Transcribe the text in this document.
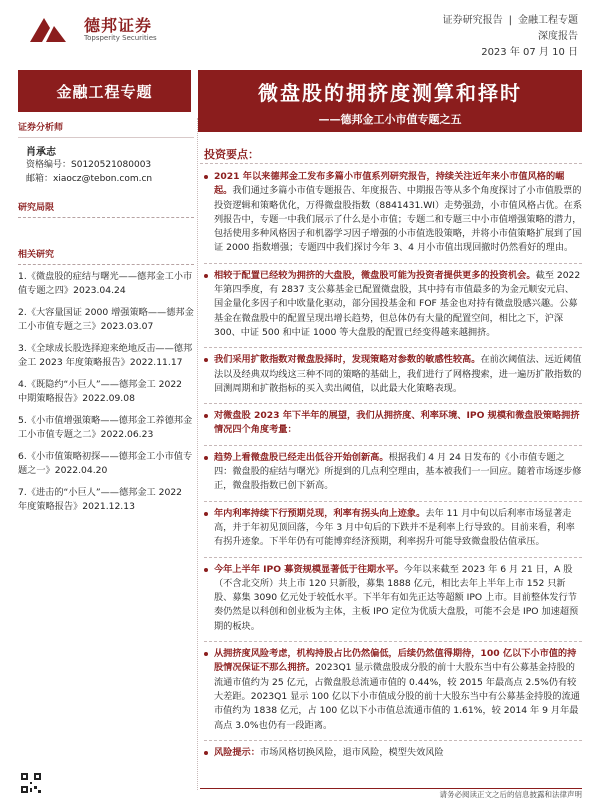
德邦证券
Topsperity Securities
证券研究报告 | 金融工程专题
深度报告
2023 年 07 月 10 日
金融工程专题	微盘股的拥挤度测算和择时
——德邦金工小市值专题之五
证券分析师
肖承志
资格编号：S0120521080003
邮箱：xiaocz@tebon.com.cn
研究局限
相关研究
1.《微盘股的症结与曙光——德邦金工小市值专题之四》2023.04.24
2.《大容量国证 2000 增强策略——德邦金工小市值专题之三》2023.03.07
3.《全球成长股选择迎来绝地反击——德邦金工 2023 年度策略报告》2022.11.17
4.《既隐约“小巨人”——德邦金工 2022 中期策略报告》2022.09.08
5.《小市值增强策略——德邦金工养德邦金工小市值专题之二》2022.06.23
6.《小市值策略初探——德邦金工小市值专题之一》2022.04.20
7.《进击的“小巨人”——德邦金工 2022 年度策略报告》2021.12.13
投资要点：
2021 年以来德邦金工发布多篇小市值系列研究报告，持续关注近年来小市值风格的崛起。我们通过多篇小市值专题报告、年度报告、中期报告等从多个角度探讨了小市值股票的投资逻辑和策略优化，万得微盘股指数（8841431.WI）走势强劲，小市值风格占优。在系列报告中，专题一中我们展示了什么是小市值；专题二和专题三中小市值增强策略的潜力，包括使用多种风格因子和机器学习因子增强的小市值选股策略，并将小市值策略扩展到了国证 2000 指数增强；专题四中我们探讨今年 3、4 月小市值出现回撤时仍然看好的理由。
相较于配置已经较为拥挤的大盘股，微盘股可能为投资者提供更多的投资机会。截至 2022 年第四季度，有 2837 支公募基金已配置微盘股，其中持有市值最多的为金元顺安元启、国金量化多因子和中欧量化驱动，部分国投基金和 FOF 基金也对持有微盘股感兴趣。公募基金在微盘股中的配置呈现出增长趋势，但总体仍有大量的配置空间，相比之下，沪深 300、中证 500 和中证 1000 等大盘股的配置已经变得越来越拥挤。
我们采用扩散指数对微盘股择时，发现策略对参数的敏感性较高。在前次阈值法、远近阈值法以及经典双均线这三种不同的策略的基础上，我们进行了网格搜索，进一遍历扩散指数的回测周期和扩散指标的买入卖出阈值，以此最大化策略表现。
对微盘股 2023 年下半年的展望，我们从拥挤度、利率环境、IPO 规模和微盘股策略拥挤情况四个角度考量：
趋势上看微盘股已经走出低谷开始创新高。根据我们 4 月 24 日发布的《小市值专题之四：微盘股的症结与曙光》所提到的几点利空理由，基本被我们一一回应。随着市场逐步修正，微盘股指数已创下新高。
年内利率持续下行预期兑现，利率有拐头向上迹象。去年 11 月中旬以后利率市场显著走高，并于年初见顶回落，今年 3 月中旬后的下跌并不是利率上行导致的。目前来看，利率有拐升迹象。下半年仍有可能博弈经济预期，利率拐升可能导致微盘股估值承压。
今年上半年 IPO 募资规模显著低于往期水平。今年以来截至 2023 年 6 月 21 日，A 股（不含北交所）共上市 120 只新股，募集 1888 亿元，相比去年上半年上市 152 只新股、募集 3090 亿元处于较低水平。下半年有如先正达等超额 IPO 上市。目前整体发行节奏仍然是以科创和创业板为主体，主板 IPO 定位为优质大盘股，可能不会是 IPO 加速超预期的板块。
从拥挤度风险考虑，机构持股占比仍然偏低，后续仍然值得期待，100 亿以下小市值的持股情况保证不那么拥挤。2023Q1 显示微盘股成分股的前十大股东当中有公募基金持股的流通市值约为 25 亿元，占微盘股总流通市值的 0.44%，较 2015 年最高点 2.5%仍有较大差距。2023Q1 显示 100 亿以下小市值成分股的前十大股东当中有公募基金持股的流通市值约为 1838 亿元，占 100 亿以下小市值总流通市值的 1.61%，较 2014 年 9 月年最高点 3.0%也仍有一段距离。
风险提示：市场风格切换风险，退市风险，模型失效风险
请务必阅读正文之后的信息披露和法律声明
